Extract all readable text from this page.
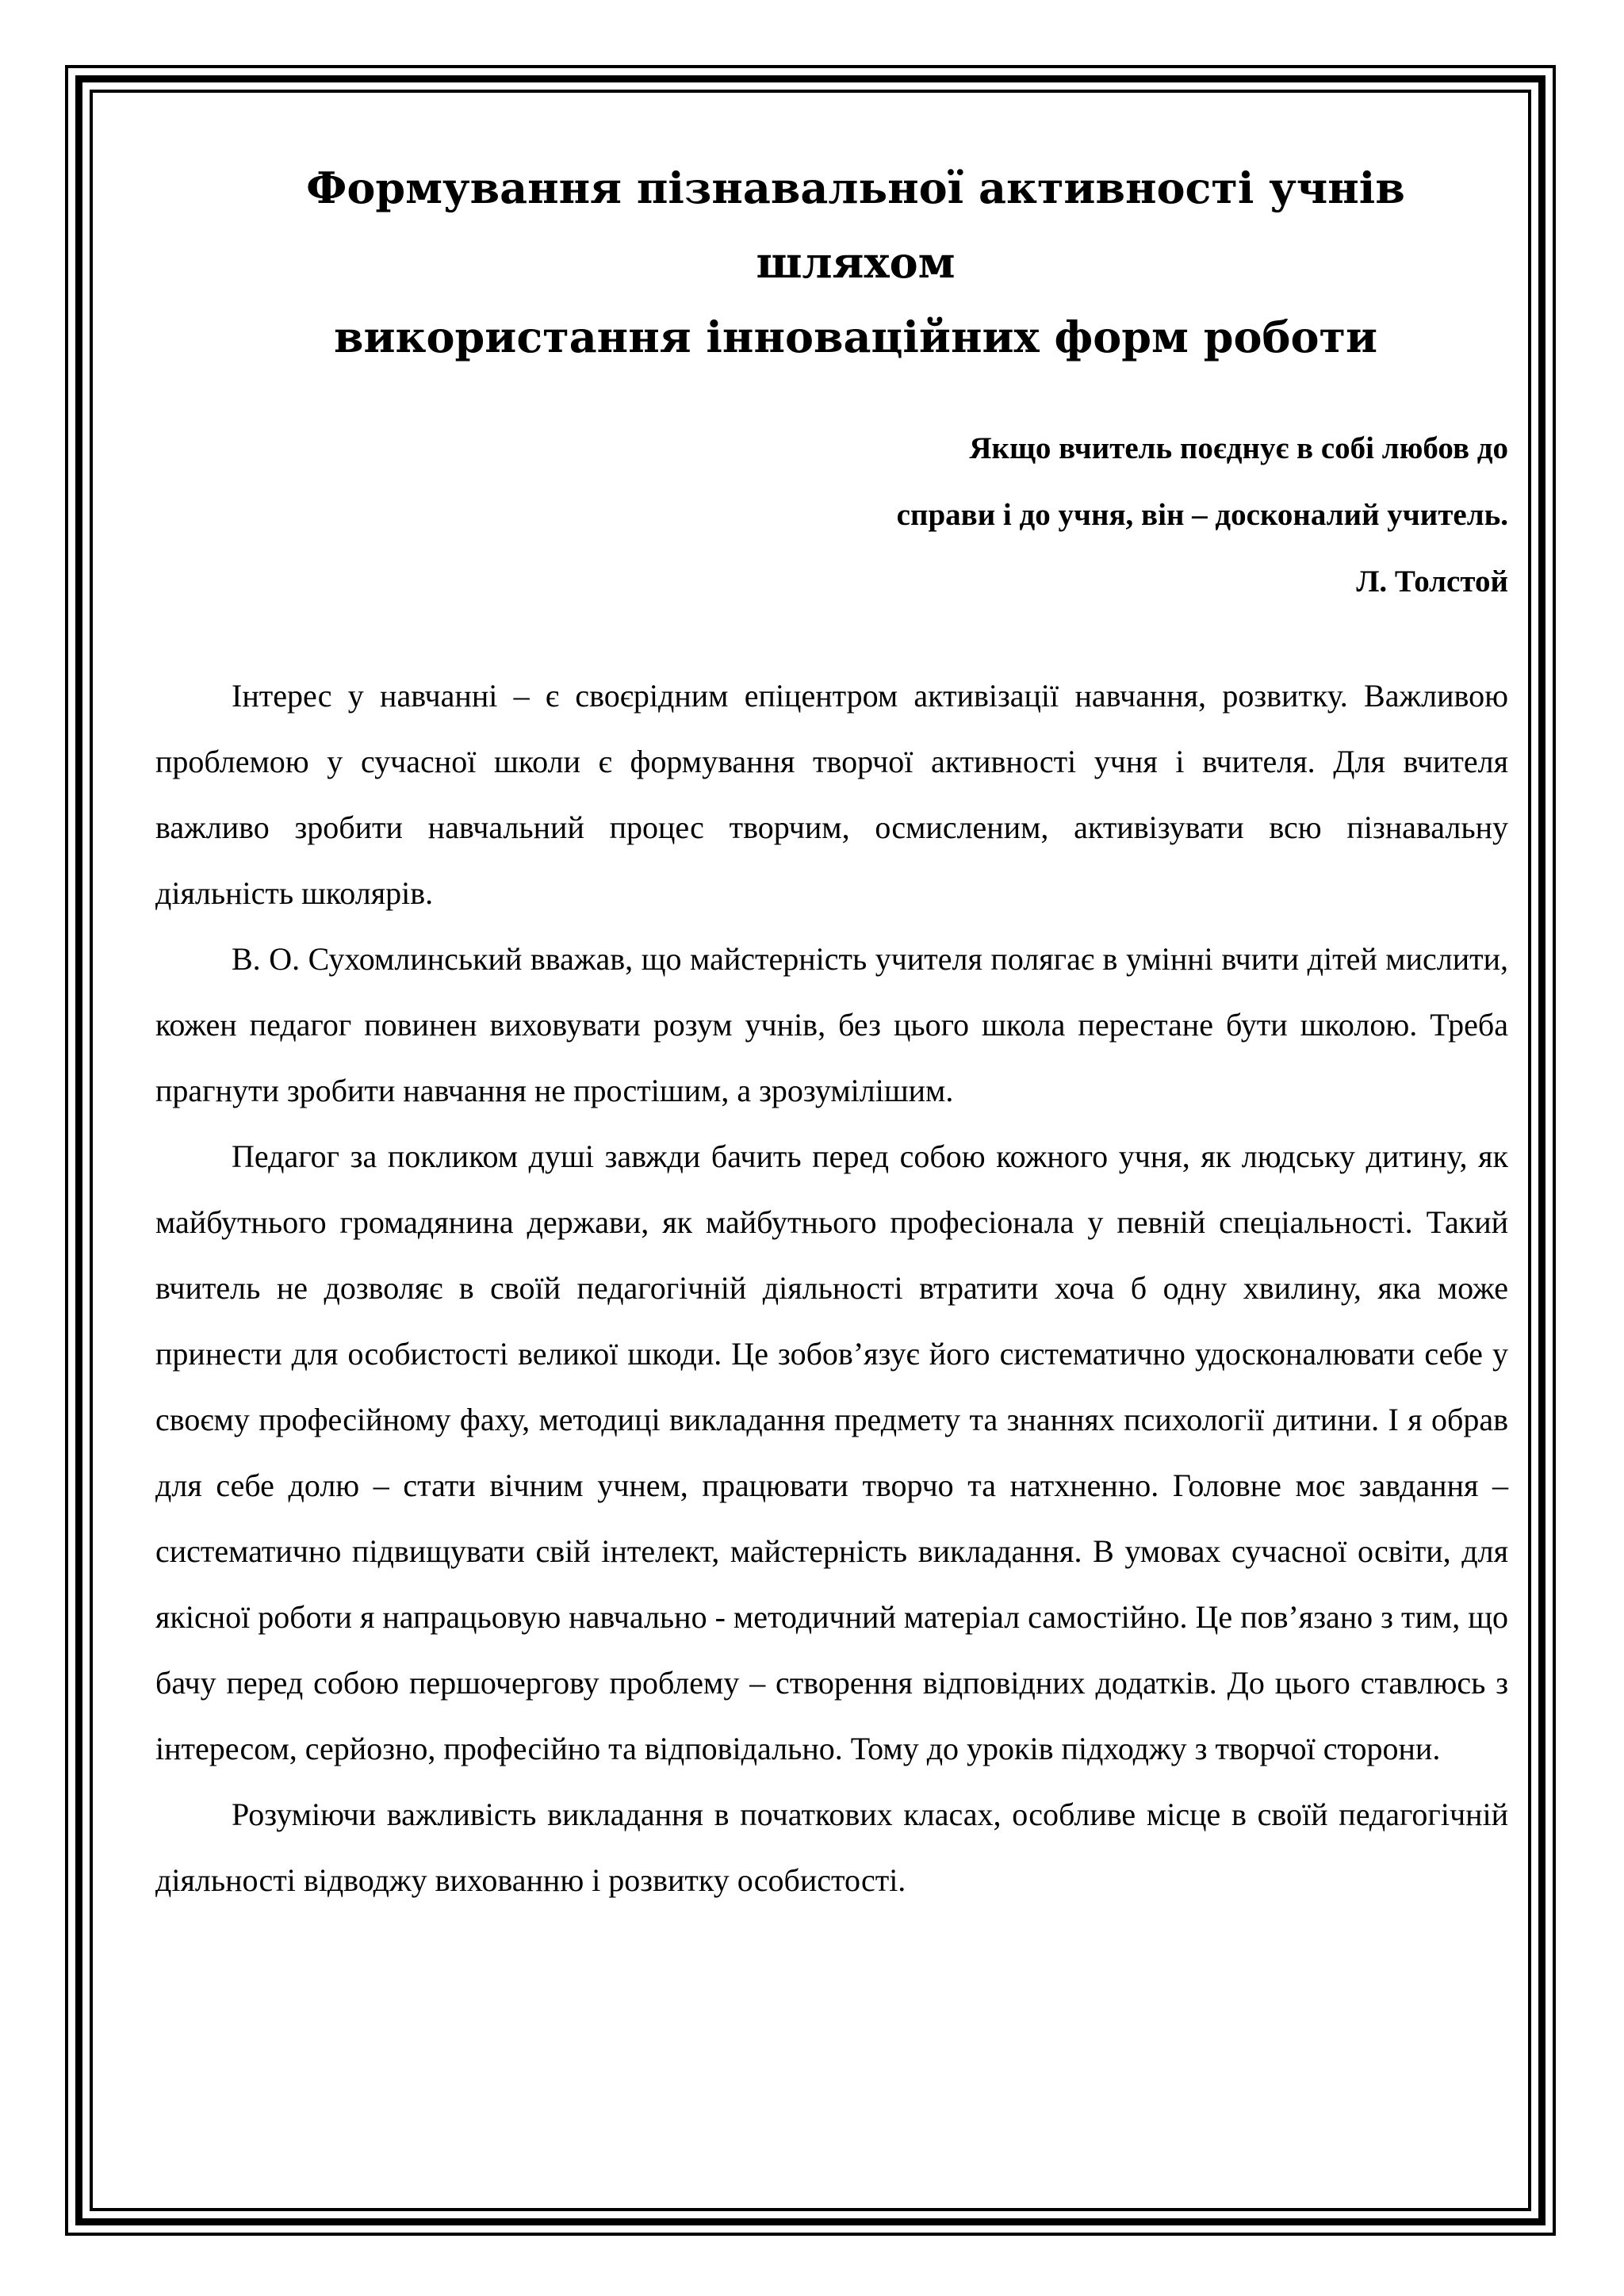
Формування пізнавальної активності учнів шляхом
використання інноваційних форм роботи
Якщо вчитель поєднує в собі любов до
справи і до учня, він – досконалий учитель.
Л. Толстой

Інтерес у навчанні – є своєрідним епіцентром активізації навчання, розвитку. Важливою проблемою у сучасної школи є формування творчої активності учня і вчителя. Для вчителя важливо зробити навчальний процес творчим, осмисленим, активізувати всю пізнавальну діяльність школярів.

В. О. Сухомлинський вважав, що майстерність учителя полягає в умінні вчити дітей мислити, кожен педагог повинен виховувати розум учнів, без цього школа перестане бути школою. Треба прагнути зробити навчання не простішим, а зрозумілішим.

Педагог за покликом душі завжди бачить перед собою кожного учня, як людську дитину, як майбутнього громадянина держави, як майбутнього професіонала у певній спеціальності. Такий вчитель не дозволяє в своїй педагогічній діяльності втратити хоча б одну хвилину, яка може принести для особистості великої шкоди. Це зобов’язує його систематично удосконалювати себе у своєму професійному фаху, методиці викладання предмету та знаннях психології дитини. І я обрав для себе долю – стати вічним учнем, працювати творчо та натхненно. Головне моє завдання – систематично підвищувати свій інтелект, майстерність викладання. В умовах сучасної освіти, для якісної роботи я напрацьовую навчально - методичний матеріал самостійно. Це пов’язано з тим, що бачу перед собою першочергову проблему – створення відповідних додатків. До цього ставлюсь з інтересом, серйозно, професійно та відповідально. Тому до уроків підходжу з творчої сторони.

Розуміючи важливість викладання в початкових класах, особливе місце в своїй педагогічній діяльності відводжу вихованню і розвитку особистості.
